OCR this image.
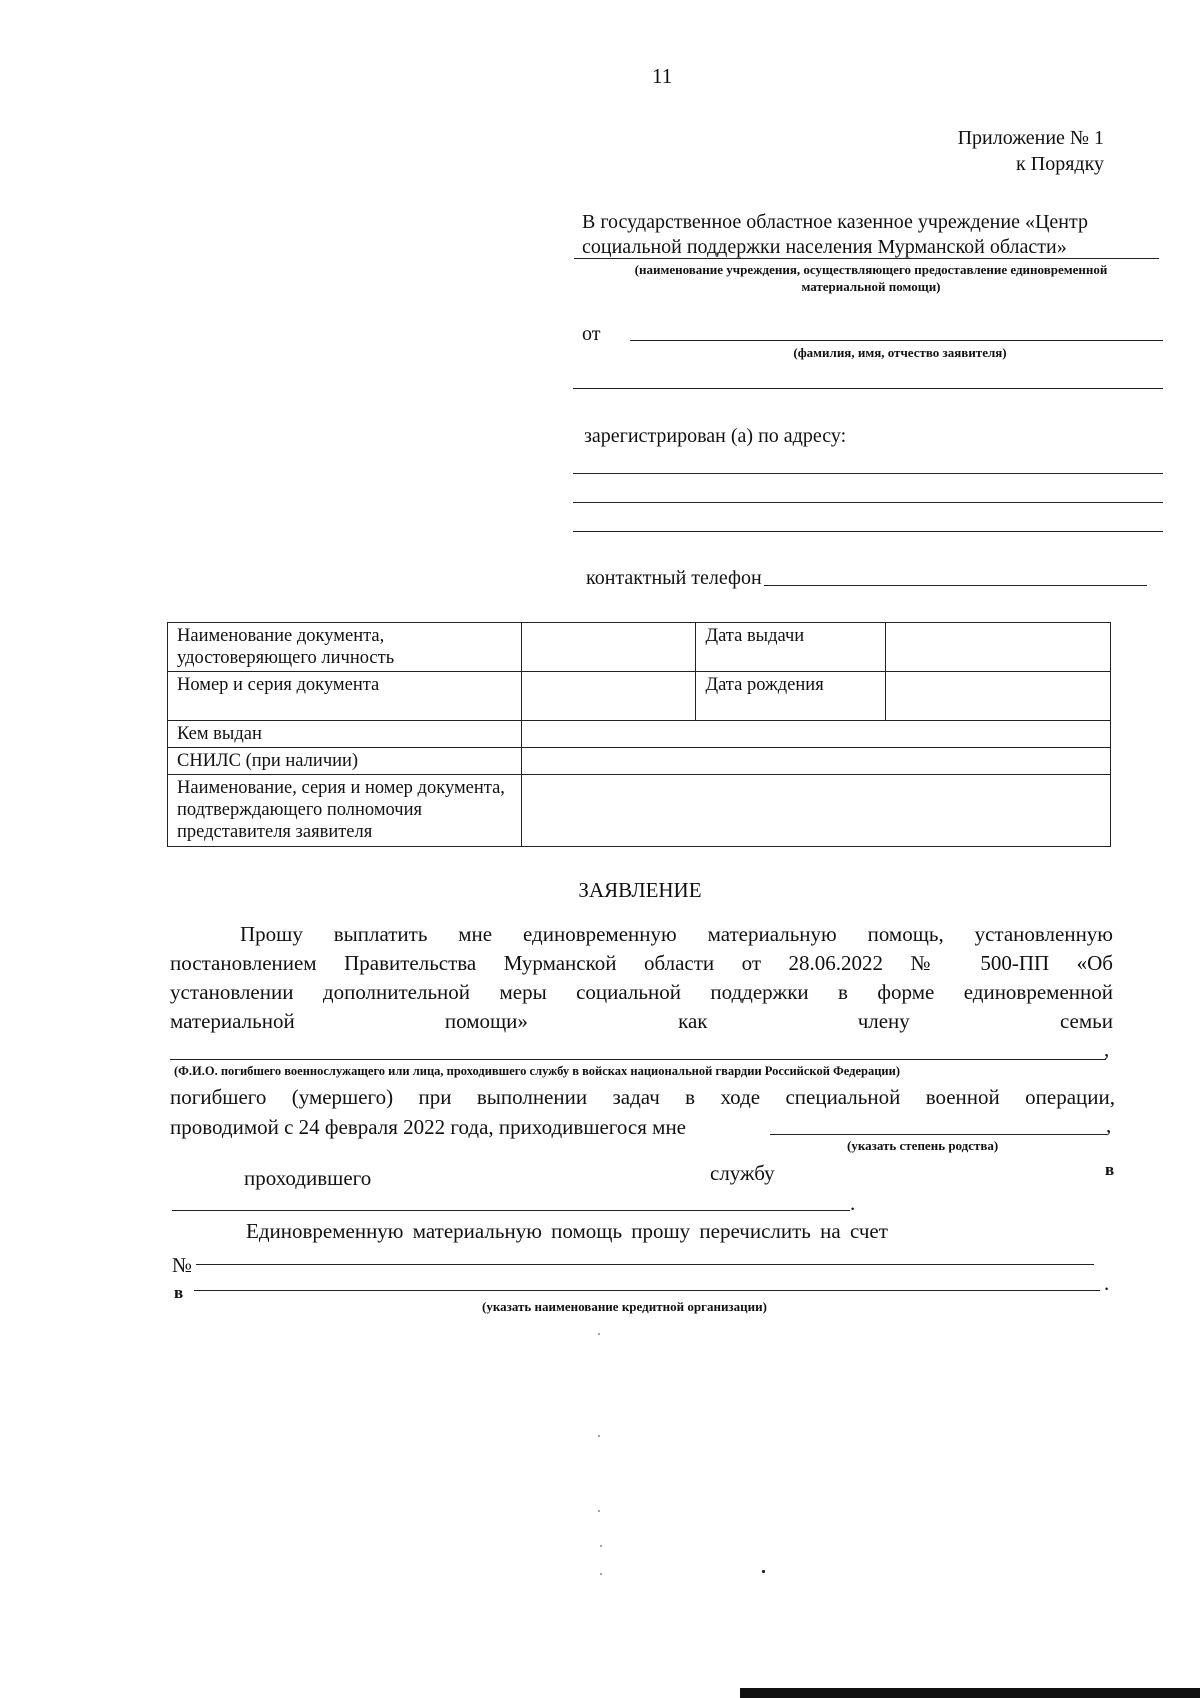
11
Приложение № 1
к Порядку
В государственное областное казенное учреждение «Центр
социальной поддержки населения Мурманской области»
(наименование учреждения, осуществляющего предоставление единовременной
материальной помощи)
от
(фамилия, имя, отчество заявителя)
зарегистрирован (а) по адресу:
контактный телефон
Наименование документа, удостоверяющего личность		Дата выдачи	
Номер и серия документа		Дата рождения	
Кем выдан			
СНИЛС (при наличии)			
Наименование, серия и номер документа, подтверждающего полномочия представителя заявителя			
ЗАЯВЛЕНИЕ
Прошу выплатить мне единовременную материальную помощь, установленную
постановлением Правительства Мурманской области от 28.06.2022 № 500-ПП «Об
установлении дополнительной меры социальной поддержки в форме единовременной
материальной	помощи»	как	члену	семьи
,
(Ф.И.О. погибшего военнослужащего или лица, проходившего службу в войсках национальной гвардии Российской Федерации)
погибшего (умершего) при выполнении задач в ходе специальной военной операции,
проводимой с 24 февраля 2022 года, приходившегося мне	,
(указать степень родства)
проходившего	службу	в
.
Единовременную материальную помощь прошу перечислить на счет
№
в	.
(указать наименование кредитной организации)
